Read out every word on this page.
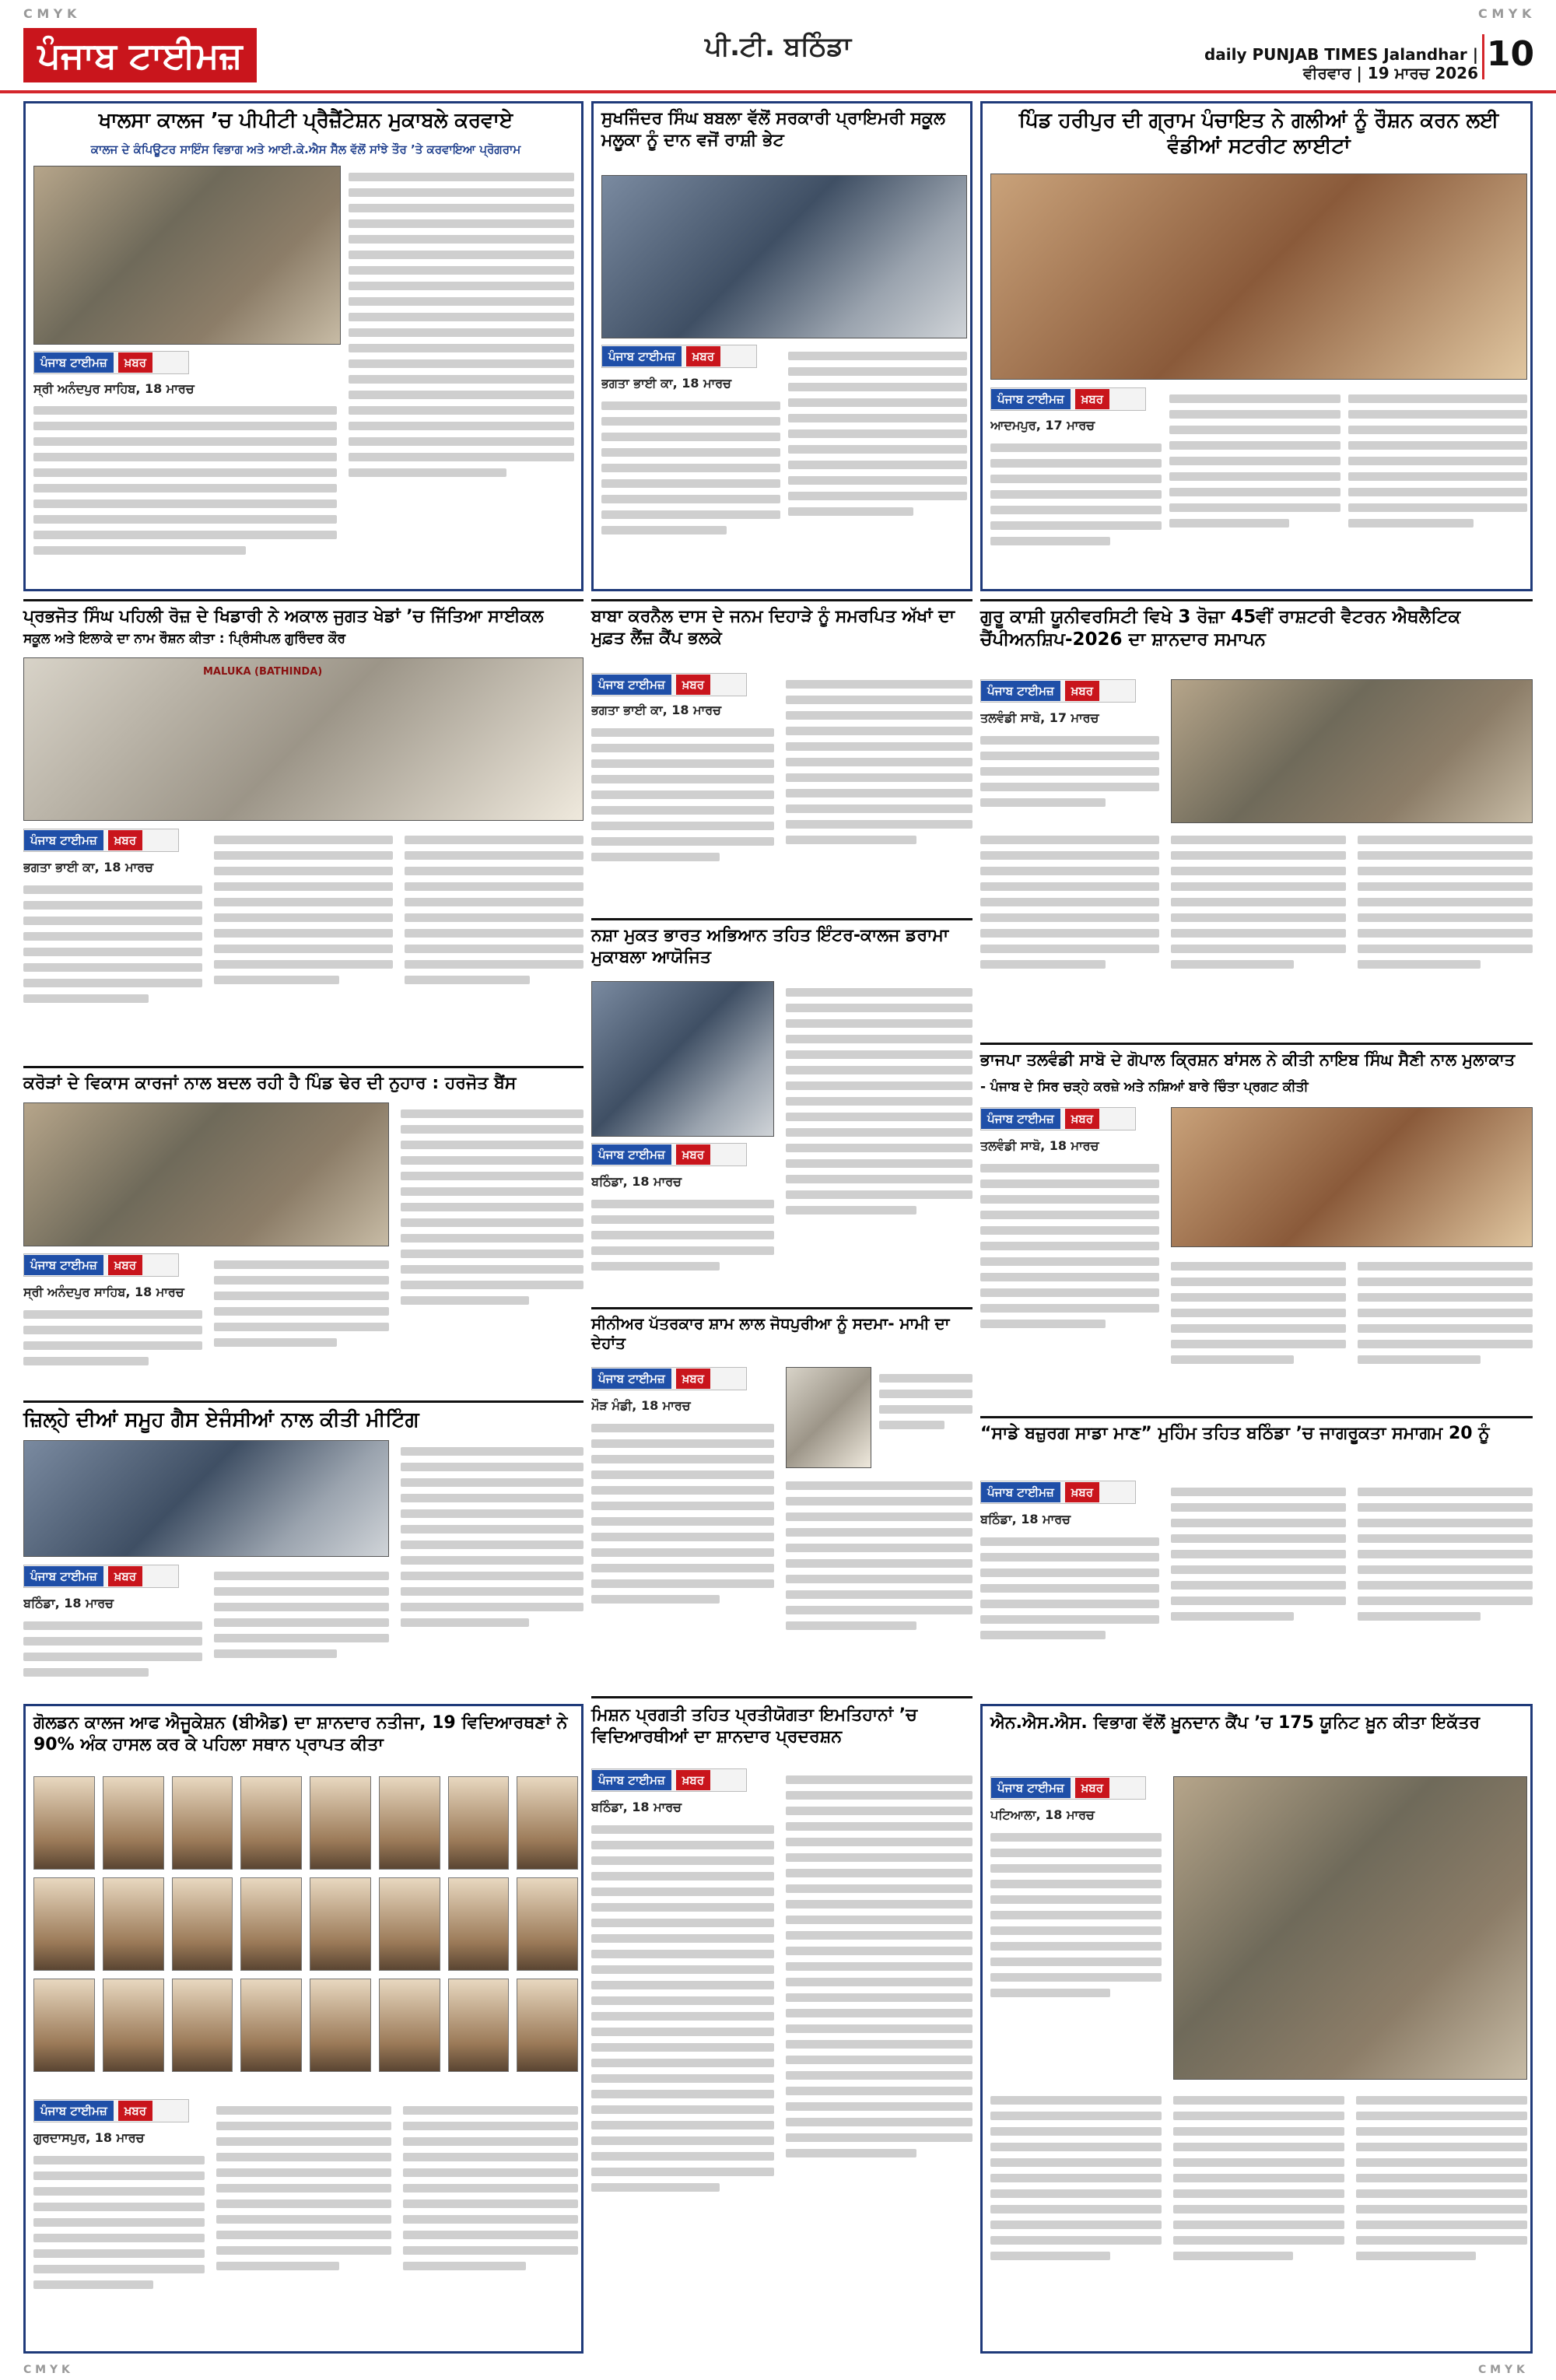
C M Y K	C M Y K
ਪੰਜਾਬ ਟਾਈਮਜ਼	ਪੀ.ਟੀ. ਬਠਿੰਡਾ	daily PUNJAB TIMES Jalandhar | ਵੀਰਵਾਰ | 19 ਮਾਰਚ 2026 10
ਖਾਲਸਾ ਕਾਲਜ ’ਚ ਪੀਪੀਟੀ ਪ੍ਰੈਜ਼ੈਂਟੇਸ਼ਨ ਮੁਕਾਬਲੇ ਕਰਵਾਏ
ਕਾਲਜ ਦੇ ਕੰਪਿਊਟਰ ਸਾਇੰਸ ਵਿਭਾਗ ਅਤੇ ਆਈ.ਕੇ.ਐਸ ਸੈੱਲ ਵੱਲੋਂ ਸਾਂਝੇ ਤੌਰ ’ਤੇ ਕਰਵਾਇਆ ਪ੍ਰੋਗਰਾਮ
ਪੰਜਾਬ ਟਾਈਮਜ਼	ਖ਼ਬਰ
ਸ੍ਰੀ ਅਨੰਦਪੁਰ ਸਾਹਿਬ, 18 ਮਾਰਚ
ਸੁਖਜਿੰਦਰ ਸਿੰਘ ਬਬਲਾ ਵੱਲੋਂ ਸਰਕਾਰੀ ਪ੍ਰਾਇਮਰੀ ਸਕੂਲ ਮਲੂਕਾ ਨੂੰ ਦਾਨ ਵਜੋਂ ਰਾਸ਼ੀ ਭੇਟ
ਪੰਜਾਬ ਟਾਈਮਜ਼	ਖ਼ਬਰ
ਭਗਤਾ ਭਾਈ ਕਾ, 18 ਮਾਰਚ
ਪਿੰਡ ਹਰੀਪੁਰ ਦੀ ਗ੍ਰਾਮ ਪੰਚਾਇਤ ਨੇ ਗਲੀਆਂ ਨੂੰ ਰੌਸ਼ਨ ਕਰਨ ਲਈ ਵੰਡੀਆਂ ਸਟਰੀਟ ਲਾਈਟਾਂ
ਪੰਜਾਬ ਟਾਈਮਜ਼	ਖ਼ਬਰ
ਆਦਮਪੁਰ, 17 ਮਾਰਚ
ਪ੍ਰਭਜੋਤ ਸਿੰਘ ਪਹਿਲੀ ਰੋਜ਼ ਦੇ ਖਿਡਾਰੀ ਨੇ ਅਕਾਲ ਜੁਗਤ ਖੇਡਾਂ ’ਚ ਜਿੱਤਿਆ ਸਾਈਕਲ
ਸਕੂਲ ਅਤੇ ਇਲਾਕੇ ਦਾ ਨਾਮ ਰੌਸ਼ਨ ਕੀਤਾ : ਪ੍ਰਿੰਸੀਪਲ ਗੁਰਿੰਦਰ ਕੌਰ
MALUKA (BATHINDA)
ਪੰਜਾਬ ਟਾਈਮਜ਼	ਖ਼ਬਰ
ਭਗਤਾ ਭਾਈ ਕਾ, 18 ਮਾਰਚ
ਬਾਬਾ ਕਰਨੈਲ ਦਾਸ ਦੇ ਜਨਮ ਦਿਹਾੜੇ ਨੂੰ ਸਮਰਪਿਤ ਅੱਖਾਂ ਦਾ ਮੁਫ਼ਤ ਲੈਂਜ਼ ਕੈਂਪ ਭਲਕੇ
ਪੰਜਾਬ ਟਾਈਮਜ਼	ਖ਼ਬਰ
ਭਗਤਾ ਭਾਈ ਕਾ, 18 ਮਾਰਚ
ਗੁਰੂ ਕਾਸ਼ੀ ਯੂਨੀਵਰਸਿਟੀ ਵਿਖੇ 3 ਰੋਜ਼ਾ 45ਵੀਂ ਰਾਸ਼ਟਰੀ ਵੈਟਰਨ ਐਥਲੈਟਿਕ ਚੈਂਪੀਅਨਸ਼ਿਪ-2026 ਦਾ ਸ਼ਾਨਦਾਰ ਸਮਾਪਨ
ਪੰਜਾਬ ਟਾਈਮਜ਼	ਖ਼ਬਰ
ਤਲਵੰਡੀ ਸਾਬੋ, 17 ਮਾਰਚ
ਨਸ਼ਾ ਮੁਕਤ ਭਾਰਤ ਅਭਿਆਨ ਤਹਿਤ ਇੰਟਰ-ਕਾਲਜ ਡਰਾਮਾ ਮੁਕਾਬਲਾ ਆਯੋਜਿਤ
ਪੰਜਾਬ ਟਾਈਮਜ਼	ਖ਼ਬਰ
ਬਠਿੰਡਾ, 18 ਮਾਰਚ
ਕਰੋੜਾਂ ਦੇ ਵਿਕਾਸ ਕਾਰਜਾਂ ਨਾਲ ਬਦਲ ਰਹੀ ਹੈ ਪਿੰਡ ਢੇਰ ਦੀ ਨੁਹਾਰ : ਹਰਜੋਤ ਬੈਂਸ
ਪੰਜਾਬ ਟਾਈਮਜ਼	ਖ਼ਬਰ
ਸ੍ਰੀ ਅਨੰਦਪੁਰ ਸਾਹਿਬ, 18 ਮਾਰਚ
ਭਾਜਪਾ ਤਲਵੰਡੀ ਸਾਬੋ ਦੇ ਗੋਪਾਲ ਕ੍ਰਿਸ਼ਨ ਬਾਂਸਲ ਨੇ ਕੀਤੀ ਨਾਇਬ ਸਿੰਘ ਸੈਣੀ ਨਾਲ ਮੁਲਾਕਾਤ
- ਪੰਜਾਬ ਦੇ ਸਿਰ ਚੜ੍ਹੇ ਕਰਜ਼ੇ ਅਤੇ ਨਸ਼ਿਆਂ ਬਾਰੇ ਚਿੰਤਾ ਪ੍ਰਗਟ ਕੀਤੀ
ਪੰਜਾਬ ਟਾਈਮਜ਼	ਖ਼ਬਰ
ਤਲਵੰਡੀ ਸਾਬੋ, 18 ਮਾਰਚ
ਸੀਨੀਅਰ ਪੱਤਰਕਾਰ ਸ਼ਾਮ ਲਾਲ ਜੋਧਪੁਰੀਆ ਨੂੰ ਸਦਮਾ- ਮਾਮੀ ਦਾ ਦੇਹਾਂਤ
ਪੰਜਾਬ ਟਾਈਮਜ਼	ਖ਼ਬਰ
ਮੌੜ ਮੰਡੀ, 18 ਮਾਰਚ
ਜ਼ਿਲ੍ਹੇ ਦੀਆਂ ਸਮੂਹ ਗੈਸ ਏਜੰਸੀਆਂ ਨਾਲ ਕੀਤੀ ਮੀਟਿੰਗ
ਪੰਜਾਬ ਟਾਈਮਜ਼	ਖ਼ਬਰ
ਬਠਿੰਡਾ, 18 ਮਾਰਚ
“ਸਾਡੇ ਬਜ਼ੁਰਗ ਸਾਡਾ ਮਾਣ” ਮੁਹਿੰਮ ਤਹਿਤ ਬਠਿੰਡਾ ’ਚ ਜਾਗਰੂਕਤਾ ਸਮਾਗਮ 20 ਨੂੰ
ਪੰਜਾਬ ਟਾਈਮਜ਼	ਖ਼ਬਰ
ਬਠਿੰਡਾ, 18 ਮਾਰਚ
ਗੋਲਡਨ ਕਾਲਜ ਆਫ ਐਜੂਕੇਸ਼ਨ (ਬੀਐਡ) ਦਾ ਸ਼ਾਨਦਾਰ ਨਤੀਜਾ, 19 ਵਿਦਿਆਰਥਣਾਂ ਨੇ 90% ਅੰਕ ਹਾਸਲ ਕਰ ਕੇ ਪਹਿਲਾ ਸਥਾਨ ਪ੍ਰਾਪਤ ਕੀਤਾ
ਪੰਜਾਬ ਟਾਈਮਜ਼	ਖ਼ਬਰ
ਗੁਰਦਾਸਪੁਰ, 18 ਮਾਰਚ
ਮਿਸ਼ਨ ਪ੍ਰਗਤੀ ਤਹਿਤ ਪ੍ਰਤੀਯੋਗਤਾ ਇਮਤਿਹਾਨਾਂ ’ਚ ਵਿਦਿਆਰਥੀਆਂ ਦਾ ਸ਼ਾਨਦਾਰ ਪ੍ਰਦਰਸ਼ਨ
ਪੰਜਾਬ ਟਾਈਮਜ਼	ਖ਼ਬਰ
ਬਠਿੰਡਾ, 18 ਮਾਰਚ
ਐਨ.ਐਸ.ਐਸ. ਵਿਭਾਗ ਵੱਲੋਂ ਖ਼ੂਨਦਾਨ ਕੈਂਪ ’ਚ 175 ਯੂਨਿਟ ਖ਼ੂਨ ਕੀਤਾ ਇਕੱਤਰ
ਪੰਜਾਬ ਟਾਈਮਜ਼	ਖ਼ਬਰ
ਪਟਿਆਲਾ, 18 ਮਾਰਚ
C M Y K	C M Y K
